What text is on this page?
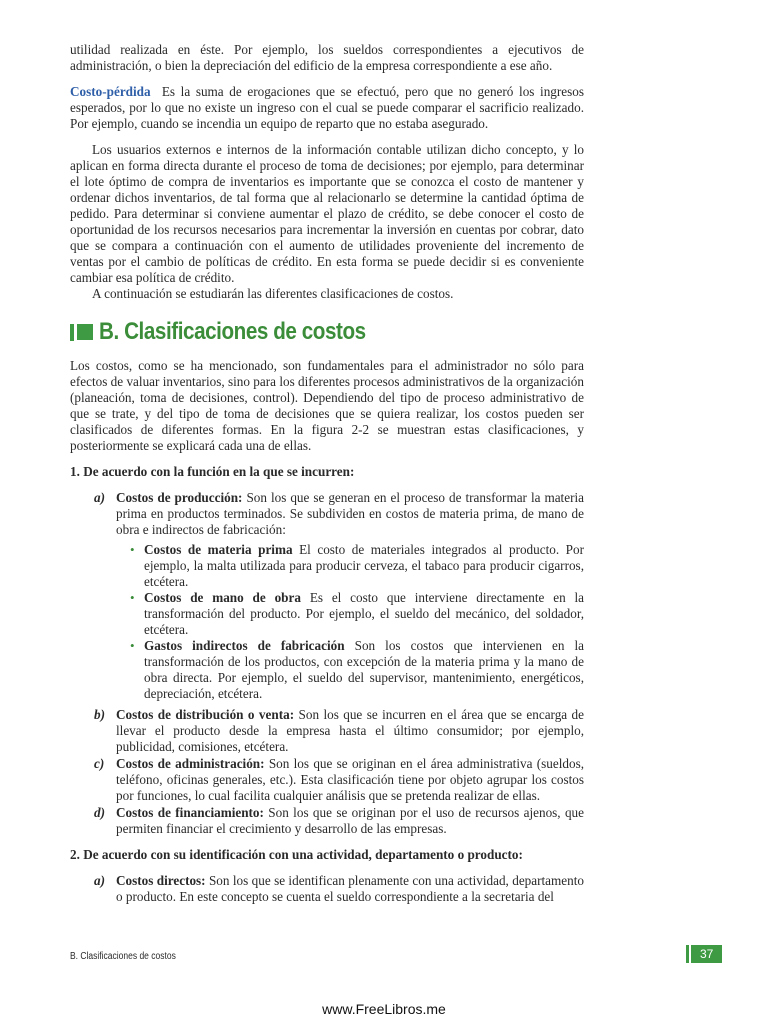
utilidad realizada en éste. Por ejemplo, los sueldos correspondientes a ejecutivos de administración, o bien la depreciación del edificio de la empresa correspondiente a ese año.

Costo-pérdida Es la suma de erogaciones que se efectuó, pero que no generó los ingresos esperados, por lo que no existe un ingreso con el cual se puede comparar el sacrificio realizado. Por ejemplo, cuando se incendia un equipo de reparto que no estaba asegurado.

Los usuarios externos e internos de la información contable utilizan dicho concepto, y lo aplican en forma directa durante el proceso de toma de decisiones; por ejemplo, para determinar el lote óptimo de compra de inventarios es importante que se conozca el costo de mantener y ordenar dichos inventarios, de tal forma que al relacionarlo se determine la cantidad óptima de pedido. Para determinar si conviene aumentar el plazo de crédito, se debe conocer el costo de oportunidad de los recursos necesarios para incrementar la inversión en cuentas por cobrar, dato que se compara a continuación con el aumento de utilidades proveniente del incremento de ventas por el cambio de políticas de crédito. En esta forma se puede decidir si es conveniente cambiar esa política de crédito.

A continuación se estudiarán las diferentes clasificaciones de costos.

B. Clasificaciones de costos

Los costos, como se ha mencionado, son fundamentales para el administrador no sólo para efectos de valuar inventarios, sino para los diferentes procesos administrativos de la organización (planeación, toma de decisiones, control). Dependiendo del tipo de proceso administrativo de que se trate, y del tipo de toma de decisiones que se quiera realizar, los costos pueden ser clasificados de diferentes formas. En la figura 2-2 se muestran estas clasificaciones, y posteriormente se explicará cada una de ellas.

1. De acuerdo con la función en la que se incurren:
a) Costos de producción: Son los que se generan en el proceso de transformar la materia prima en productos terminados. Se subdividen en costos de materia prima, de mano de obra e indirectos de fabricación:

• Costos de materia prima El costo de materiales integrados al producto. Por ejemplo, la malta utilizada para producir cerveza, el tabaco para producir cigarros, etcétera.

• Costos de mano de obra Es el costo que interviene directamente en la transformación del producto. Por ejemplo, el sueldo del mecánico, del soldador, etcétera.

• Gastos indirectos de fabricación Son los costos que intervienen en la transformación de los productos, con excepción de la materia prima y la mano de obra directa. Por ejemplo, el sueldo del supervisor, mantenimiento, energéticos, depreciación, etcétera.

b) Costos de distribución o venta: Son los que se incurren en el área que se encarga de llevar el producto desde la empresa hasta el último consumidor; por ejemplo, publicidad, comisiones, etcétera.

c) Costos de administración: Son los que se originan en el área administrativa (sueldos, teléfono, oficinas generales, etc.). Esta clasificación tiene por objeto agrupar los costos por funciones, lo cual facilita cualquier análisis que se pretenda realizar de ellas.

d) Costos de financiamiento: Son los que se originan por el uso de recursos ajenos, que permiten financiar el crecimiento y desarrollo de las empresas.

2. De acuerdo con su identificación con una actividad, departamento o producto:
a) Costos directos: Son los que se identifican plenamente con una actividad, departamento o producto. En este concepto se cuenta el sueldo correspondiente a la secretaria del

B. Clasificaciones de costos	37
www.FreeLibros.me
